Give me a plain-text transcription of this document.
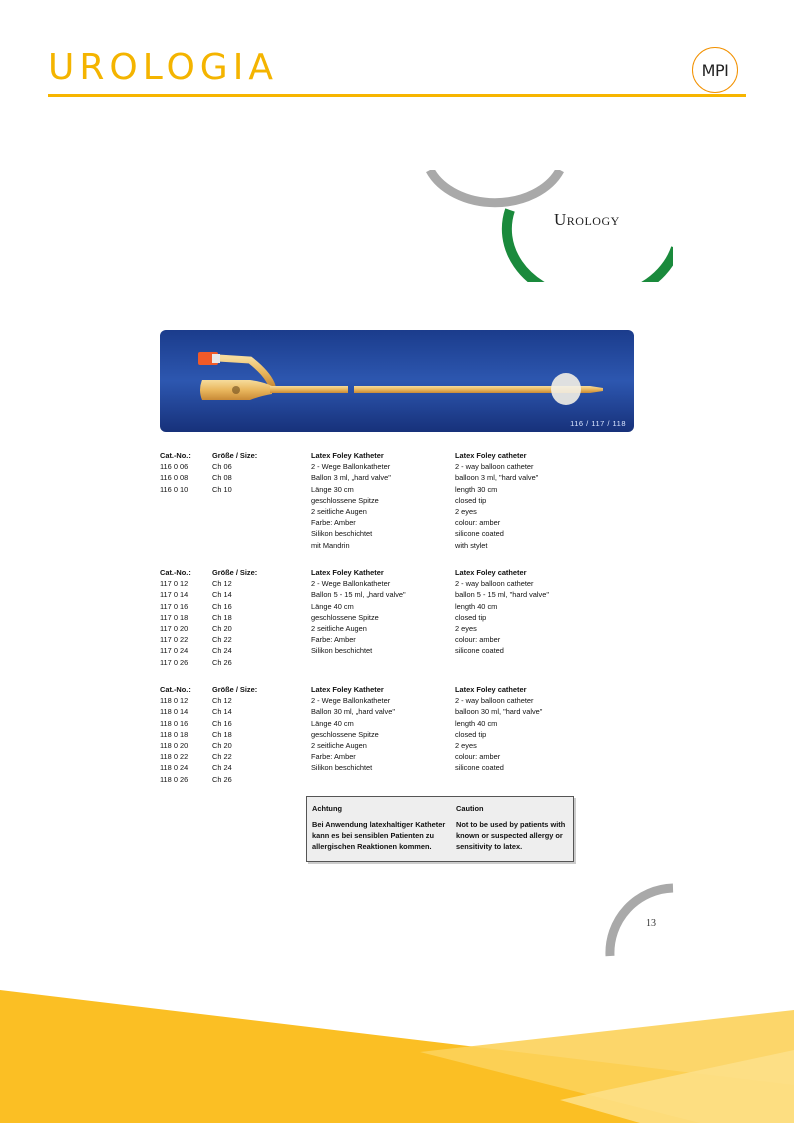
UROLOGIA	MPI
Urology
116 / 117 / 118
Cat.-No.:
116 0 06
116 0 08
116 0 10
Größe / Size:
Ch 06
Ch 08
Ch 10
Latex Foley Katheter
2 - Wege Ballonkatheter
Ballon 3 ml, „hard valve"
Länge 30 cm
geschlossene Spitze
2 seitliche Augen
Farbe: Amber
Silikon beschichtet
mit Mandrin
Latex Foley catheter
2 - way balloon catheter
balloon 3 ml, "hard valve"
length 30 cm
closed tip
2 eyes
colour: amber
silicone coated
with stylet
Cat.-No.:
117 0 12
117 0 14
117 0 16
117 0 18
117 0 20
117 0 22
117 0 24
117 0 26
Größe / Size:
Ch 12
Ch 14
Ch 16
Ch 18
Ch 20
Ch 22
Ch 24
Ch 26
Latex Foley Katheter
2 - Wege Ballonkatheter
Ballon 5 - 15 ml, „hard valve"
Länge 40 cm
geschlossene Spitze
2 seitliche Augen
Farbe: Amber
Silikon beschichtet
Latex Foley catheter
2 - way balloon catheter
ballon 5 - 15 ml, "hard valve"
length 40 cm
closed tip
2 eyes
colour: amber
silicone coated
Cat.-No.:
118 0 12
118 0 14
118 0 16
118 0 18
118 0 20
118 0 22
118 0 24
118 0 26
Größe / Size:
Ch 12
Ch 14
Ch 16
Ch 18
Ch 20
Ch 22
Ch 24
Ch 26
Latex Foley Katheter
2 - Wege Ballonkatheter
Ballon 30 ml, „hard valve"
Länge 40 cm
geschlossene Spitze
2 seitliche Augen
Farbe: Amber
Silikon beschichtet
Latex Foley catheter
2 - way balloon catheter
balloon 30 ml, "hard valve"
length 40 cm
closed tip
2 eyes
colour: amber
silicone coated
Achtung
Bei Anwendung latexhaltiger Katheter
kann es bei sensiblen Patienten zu
allergischen Reaktionen kommen.
Caution
Not to be used by patients with
known or suspected allergy or
sensitivity to latex.
13
